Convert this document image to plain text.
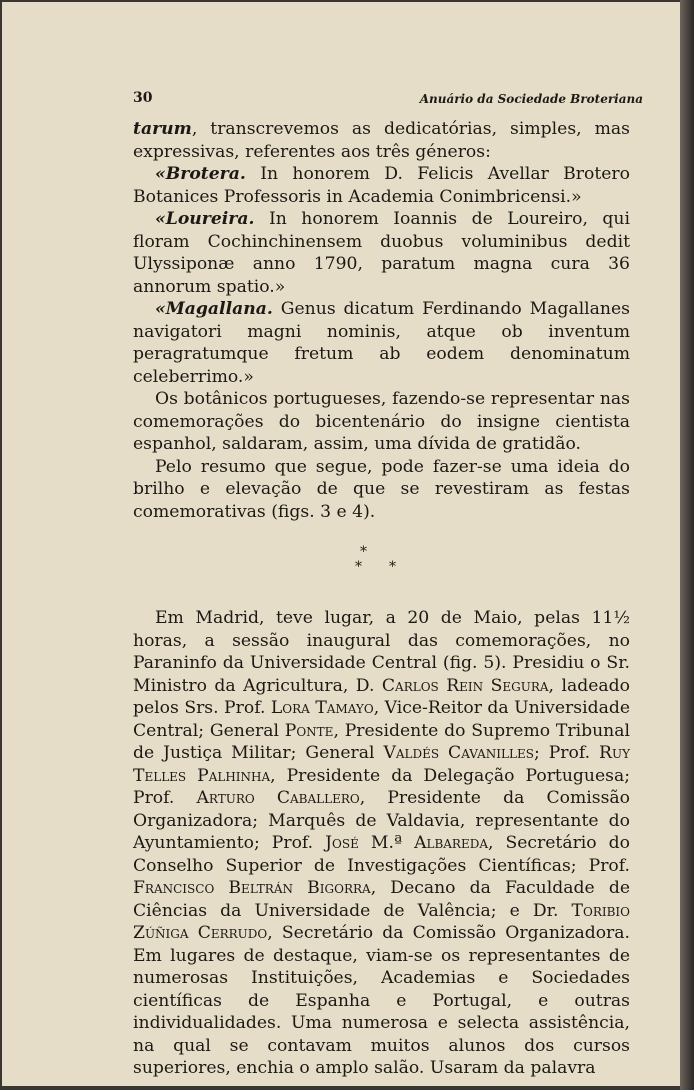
30	Anuário da Sociedade Broteriana

tarum, transcrevemos as dedicatórias, simples, mas expressivas, referentes aos três géneros:

«Brotera. In honorem D. Felicis Avellar Brotero Botanices Professoris in Academia Conimbricensi.»

«Loureira. In honorem Ioannis de Loureiro, qui floram Cochinchinensem duobus voluminibus dedit Ulyssiponæ anno 1790, paratum magna cura 36 annorum spatio.»

«Magallana. Genus dicatum Ferdinando Magallanes navigatori magni nominis, atque ob inventum peragratumque fretum ab eodem denominatum celeberrimo.»

Os botânicos portugueses, fazendo-se representar nas comemorações do bicentenário do insigne cientista espanhol, saldaram, assim, uma dívida de gratidão.

Pelo resumo que segue, pode fazer-se uma ideia do brilho e elevação de que se revestiram as festas comemorativas (figs. 3 e 4).

*
* *

Em Madrid, teve lugar, a 20 de Maio, pelas 11½ horas, a sessão inaugural das comemorações, no Paraninfo da Universidade Central (fig. 5). Presidiu o Sr. Ministro da Agricultura, D. Carlos Rein Segura, ladeado pelos Srs. Prof. Lora Tamayo, Vice-Reitor da Universidade Central; General Ponte, Presidente do Supremo Tribunal de Justiça Militar; General Valdés Cavanilles; Prof. Ruy Telles Palhinha, Presidente da Delegação Portuguesa; Prof. Arturo Caballero, Presidente da Comissão Organizadora; Marquês de Valdavia, representante do Ayuntamiento; Prof. José M.ª Albareda, Secretário do Conselho Superior de Investigações Científicas; Prof. Francisco Beltrán Bigorra, Decano da Faculdade de Ciências da Universidade de Valência; e Dr. Toribio Zúñiga Cerrudo, Secretário da Comissão Organizadora. Em lugares de destaque, viam-se os representantes de numerosas Instituições, Academias e Sociedades científicas de Espanha e Portugal, e outras individualidades. Uma numerosa e selecta assistência, na qual se contavam muitos alunos dos cursos superiores, enchia o amplo salão. Usaram da palavra
